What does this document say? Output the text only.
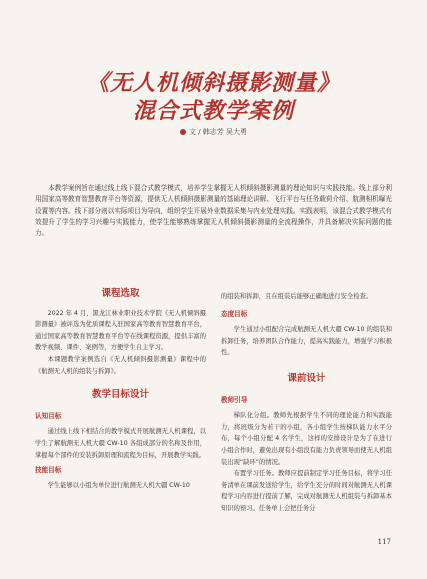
《无人机倾斜摄影测量》
混合式教学案例
文 / 韩志芳 吴大勇
本教学案例旨在通过线上线下混合式教学模式，培养学生掌握无人机倾斜摄影测量的理论知识与实践技能。线上部分利用国家高等教育智慧教育平台等资源，提供无人机倾斜摄影测量的基础理论讲解、飞行平台与任务载荷介绍、航测相机曝光设置等内容。线下部分则以实际项目为导向，组织学生开展外业数据采集与内业处理实践。实践表明，该混合式教学模式有效提升了学生的学习兴趣与实践能力，使学生能够熟练掌握无人机倾斜摄影测量的全流程操作，并具备解决实际问题的能力。
课程选取

2022 年 4 月，黑龙江林业职业技术学院《无人机倾斜摄影测量》被评选为优质课程入驻国家高等教育智慧教育平台，通过国家高等教育智慧教育平台等在线课程资源，提供丰富的教学视频、课件、案例等，方便学生自主学习。

本课题教学案例选自《无人机倾斜摄影测量》课程中的《航测无人机的组装与拆卸》。

教学目标设计
认知目标

通过线上线下相结合的教学模式开展航测无人机课程，以学生了解航测无人机大疆 CW-10 各组成部分的名称及作用，掌握每个部件的安装拆卸原理和流程为目标，开展教学实践。

技能目标

学生能够以小组为单位进行航测无人机大疆 CW-10

的组装和拆卸，且在组装后能够正确地进行安全检查。

态度目标

学生通过小组配合完成航测无人机大疆 CW-10 的组装和拆卸任务，培养团队合作能力，提高实践能力，增强学习积极性。

课前设计
教师引导

梯队化分组。教师先根据学生不同的理论能力和实践能力，将班级分为若干的小组，各小组学生按梯队能力水平分布，每个小组分配 4 名学生，这样的安排设计是为了在进行小组合作时，避免出现有小组没有能力负责领导而使无人机组装出现“缺环”的情况。

布置学习任务。教师应提前制定学习任务目标，将学习任务清单在课前发送给学生，给学生充分的时间对航测无人机课程学习内容进行提前了解，完成对航测无人机组装与拆卸基本知识的预习。任务单上会把任务分

117
